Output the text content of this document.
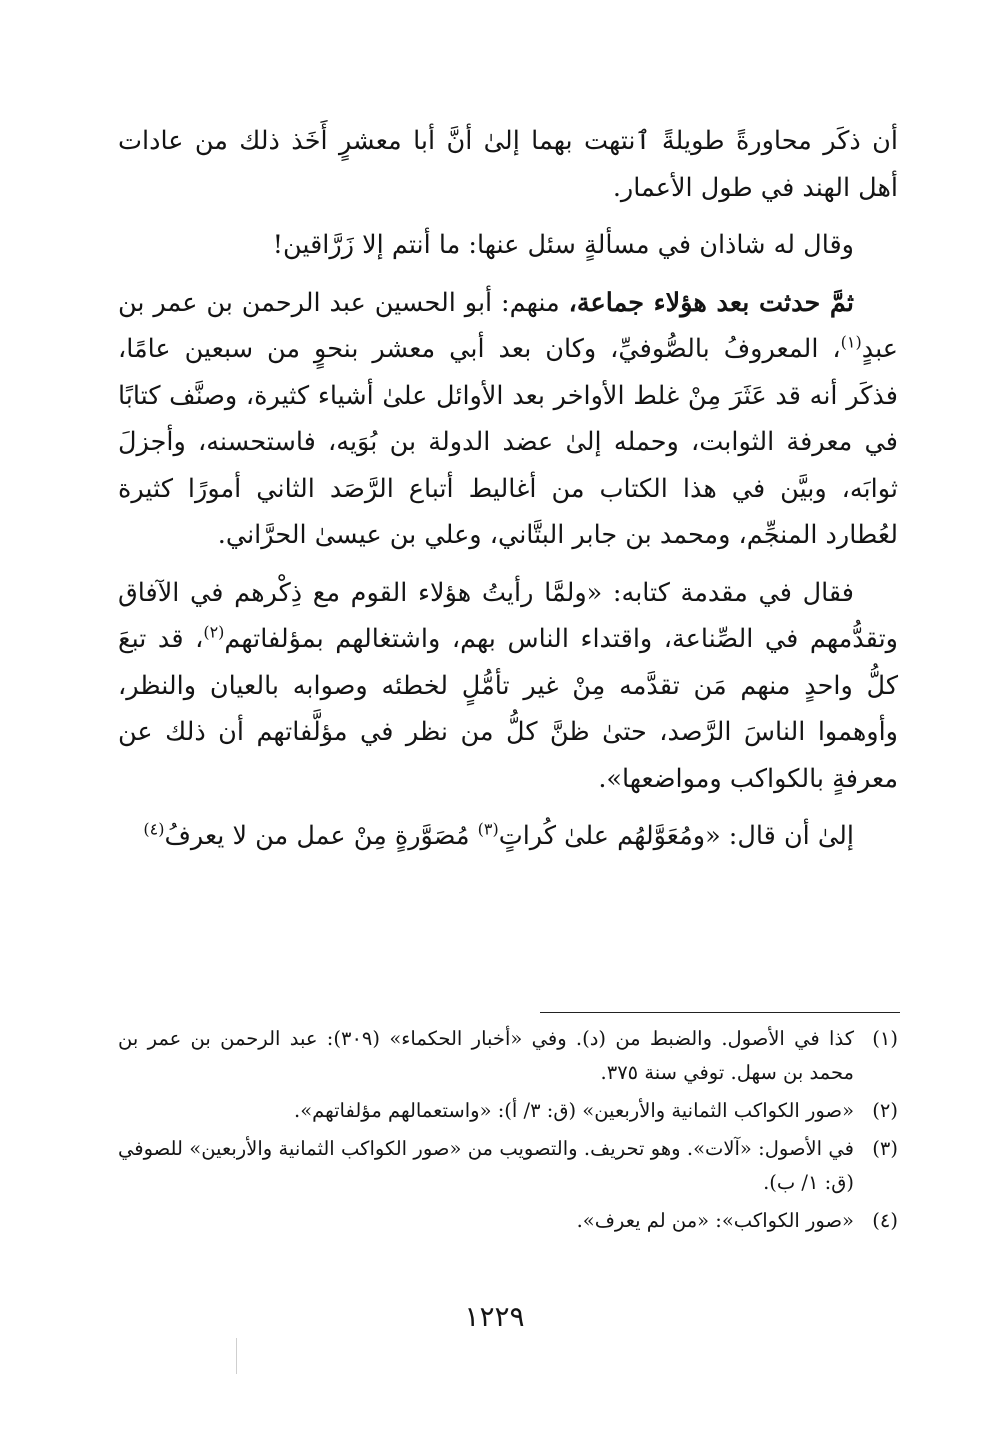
أن ذكَر محاورةً طويلةً ٱنتهت بهما إلىٰ أنَّ أبا معشرٍ أَخَذ ذلك من عادات أهل الهند في طول الأعمار.

وقال له شاذان في مسألةٍ سئل عنها: ما أنتم إلا زَرَّاقين!

ثمَّ حدثت بعد هؤلاء جماعة، منهم: أبو الحسين عبد الرحمن بن عمر بن عبدٍ$^{(١)}$، المعروفُ بالصُّوفيِّ، وكان بعد أبي معشر بنحوٍ من سبعين عامًا، فذكَر أنه قد عَثَرَ مِنْ غلط الأواخر بعد الأوائل علىٰ أشياء كثيرة، وصنَّف كتابًا في معرفة الثوابت، وحمله إلىٰ عضد الدولة بن بُوَيه، فاستحسنه، وأجزلَ ثوابَه، وبيَّن في هذا الكتاب من أغاليط أتباع الرَّصَد الثاني أمورًا كثيرة لعُطارد المنجِّم، ومحمد بن جابر البتَّاني، وعلي بن عيسىٰ الحرَّاني.

فقال في مقدمة كتابه: «ولمَّا رأيتُ هؤلاء القوم مع ذِكْرهم في الآفاق وتقدُّمهم في الصِّناعة، واقتداء الناس بهم، واشتغالهم بمؤلفاتهم$^{(٢)}$، قد تبعَ كلُّ واحدٍ منهم مَن تقدَّمه مِنْ غير تأمُّلٍ لخطئه وصوابه بالعيان والنظر، وأوهموا الناسَ الرَّصد، حتىٰ ظنَّ كلُّ من نظر في مؤلَّفاتهم أن ذلك عن معرفةٍ بالكواكب ومواضعها».

إلىٰ أن قال: «ومُعَوَّلهُم علىٰ كُراتٍ$^{(٣)}$ مُصَوَّرةٍ مِنْ عمل من لا يعرفُ$^{(٤)}$

(١)
كذا في الأصول. والضبط من (د). وفي «أخبار الحكماء» (٣٠٩): عبد الرحمن بن عمر بن محمد بن سهل. توفي سنة ٣٧٥.
(٢)
«صور الكواكب الثمانية والأربعين» (ق: ٣/ أ): «واستعمالهم مؤلفاتهم».
(٣)
في الأصول: «آلات». وهو تحريف. والتصويب من «صور الكواكب الثمانية والأربعين» للصوفي (ق: ١/ ب).
(٤)
«صور الكواكب»: «من لم يعرف».
١٢٢٩
